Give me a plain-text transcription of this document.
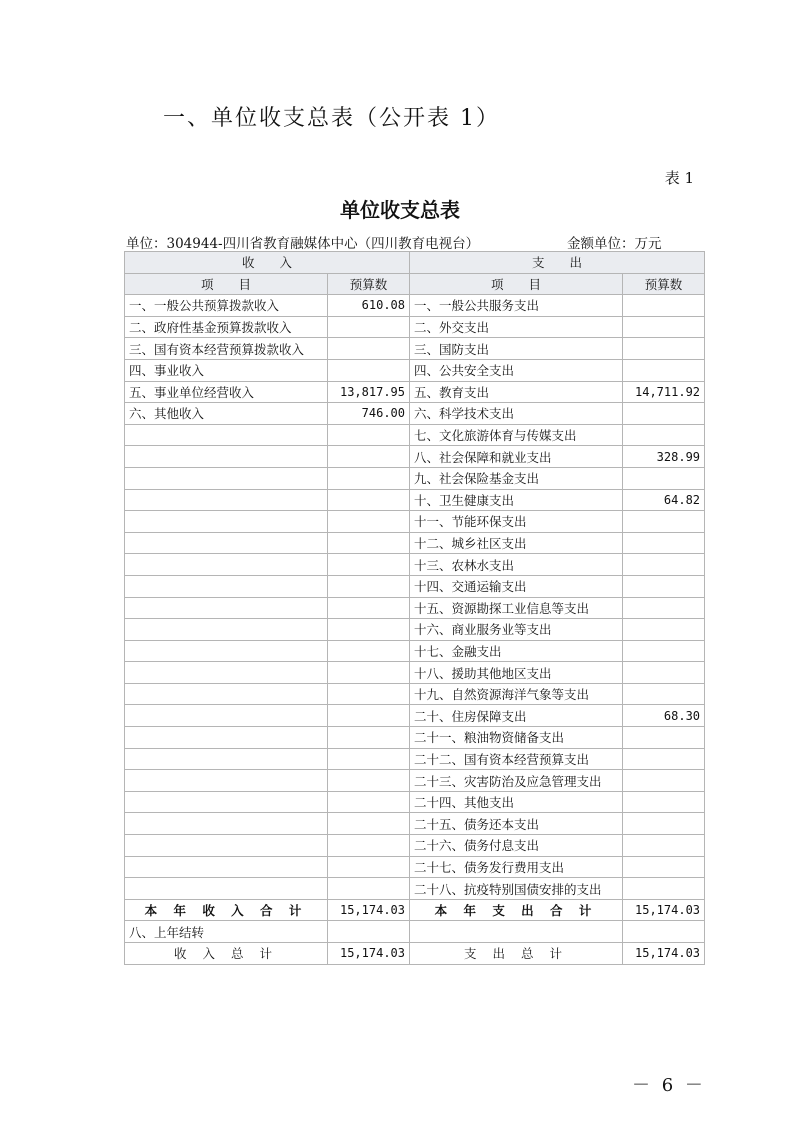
一、单位收支总表（公开表 1）
表 1
单位收支总表
单位：304944-四川省教育融媒体中心（四川教育电视台）	金额单位：万元
收　　入		支　　出	
项　　目	预算数	项　　目	预算数
一、一般公共预算拨款收入	610.08	一、一般公共服务支出	
二、政府性基金预算拨款收入		二、外交支出	
三、国有资本经营预算拨款收入		三、国防支出	
四、事业收入		四、公共安全支出	
五、事业单位经营收入	13,817.95	五、教育支出	14,711.92
六、其他收入	746.00	六、科学技术支出	
		七、文化旅游体育与传媒支出	
		八、社会保障和就业支出	328.99
		九、社会保险基金支出	
		十、卫生健康支出	64.82
		十一、节能环保支出	
		十二、城乡社区支出	
		十三、农林水支出	
		十四、交通运输支出	
		十五、资源勘探工业信息等支出	
		十六、商业服务业等支出	
		十七、金融支出	
		十八、援助其他地区支出	
		十九、自然资源海洋气象等支出	
		二十、住房保障支出	68.30
		二十一、粮油物资储备支出	
		二十二、国有资本经营预算支出	
		二十三、灾害防治及应急管理支出	
		二十四、其他支出	
		二十五、债务还本支出	
		二十六、债务付息支出	
		二十七、债务发行费用支出	
		二十八、抗疫特别国债安排的支出	
本 年 收 入 合 计	15,174.03	本 年 支 出 合 计	15,174.03
八、上年结转			
收 入 总 计	15,174.03	支 出 总 计	15,174.03
－ 6 －
